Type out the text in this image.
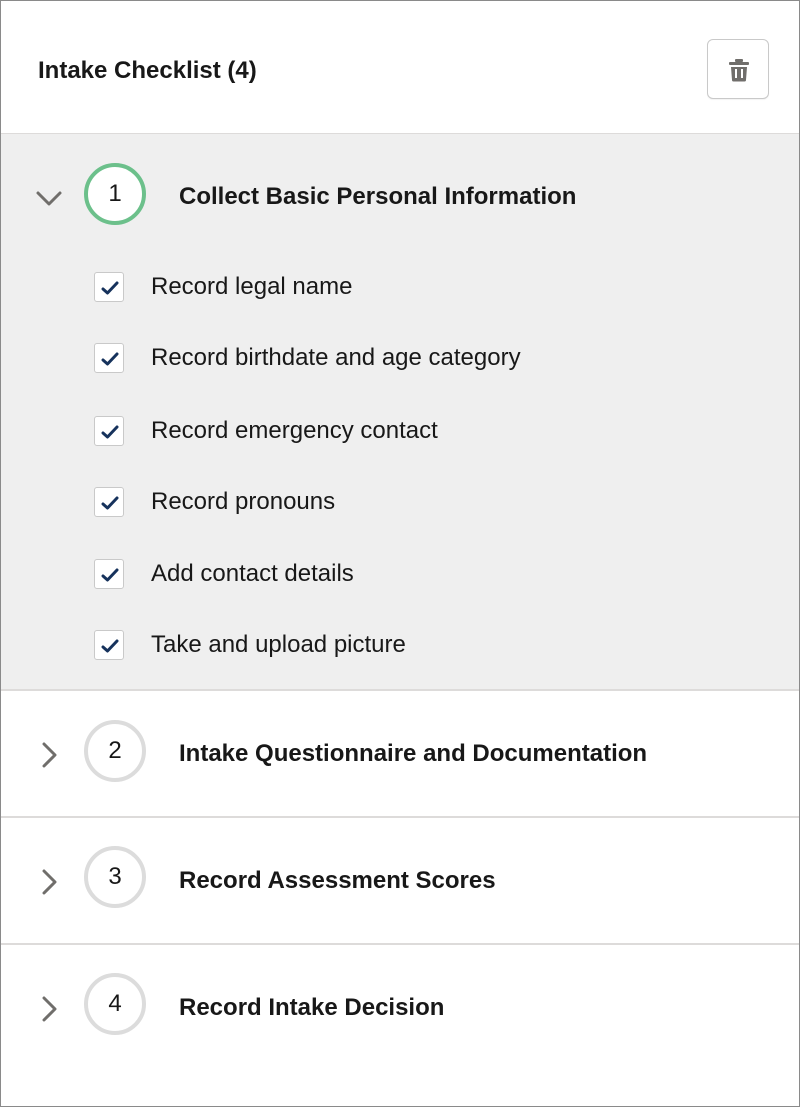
Intake Checklist (4)
1	Collect Basic Personal Information
Record legal name
Record birthdate and age category
Record emergency contact
Record pronouns
Add contact details
Take and upload picture
2	Intake Questionnaire and Documentation
3	Record Assessment Scores
4	Record Intake Decision
